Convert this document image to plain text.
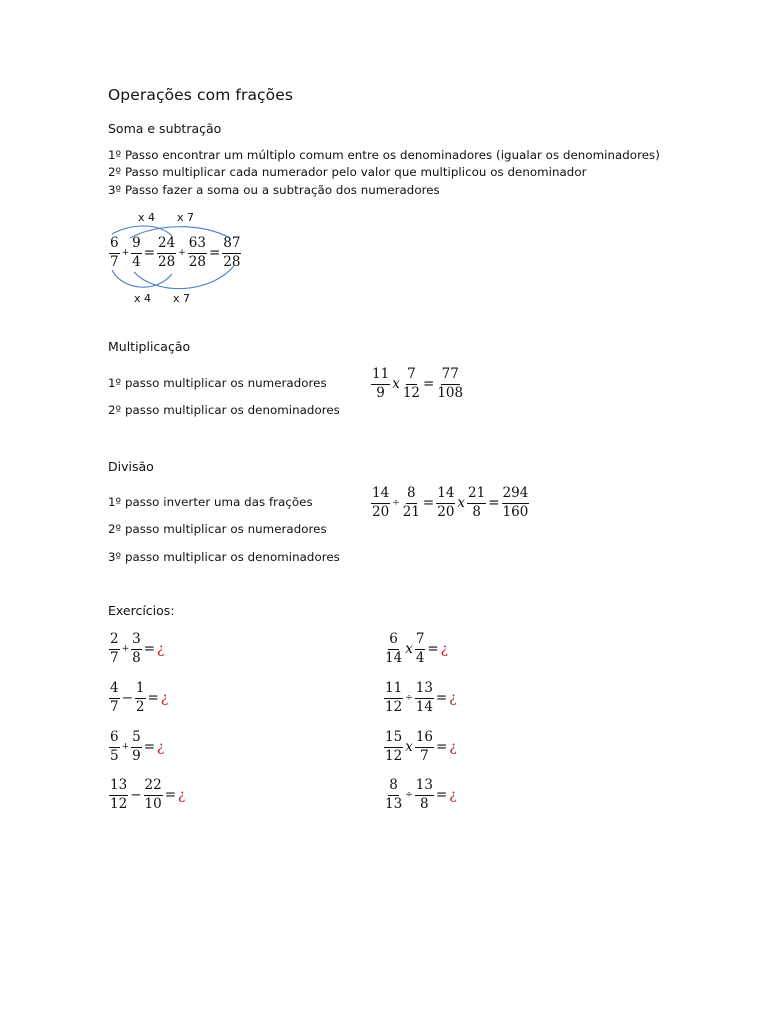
Operações com frações
Soma e subtração
1º Passo encontrar um múltiplo comum entre os denominadores (igualar os denominadores)
2º Passo multiplicar cada numerador pelo valor que multiplicou os denominador
3º Passo fazer a soma ou a subtração dos numeradores
x 4 x 7
$\frac{6}{7} + \frac{9}{4} = \frac{24}{28} + \frac{63}{28} = \frac{87}{28}$
x 4 x 7
Multiplicação
1º passo multiplicar os numeradores
2º passo multiplicar os denominadores
$\frac{11}{9}$ x $\frac{7}{12} = \frac{77}{108}$
Divisão
1º passo inverter uma das frações
2º passo multiplicar os numeradores
3º passo multiplicar os denominadores
$\frac{14}{20} \div \frac{8}{21} = \frac{14}{20}$ x $\frac{21}{8} = \frac{294}{160}$
Exercícios:
$\frac{2}{7} + \frac{3}{8}$ = ¿
$\frac{4}{7} - \frac{1}{2}$ = ¿
$\frac{6}{5} + \frac{5}{9}$ = ¿
$\frac{13}{12} - \frac{22}{10}$ = ¿
$\frac{6}{14}$ x $\frac{7}{4}$ = ¿
$\frac{11}{12} \div \frac{13}{14}$ = ¿
$\frac{15}{12}$ x $\frac{16}{7}$ = ¿
$\frac{8}{13} \div \frac{13}{8}$ = ¿
